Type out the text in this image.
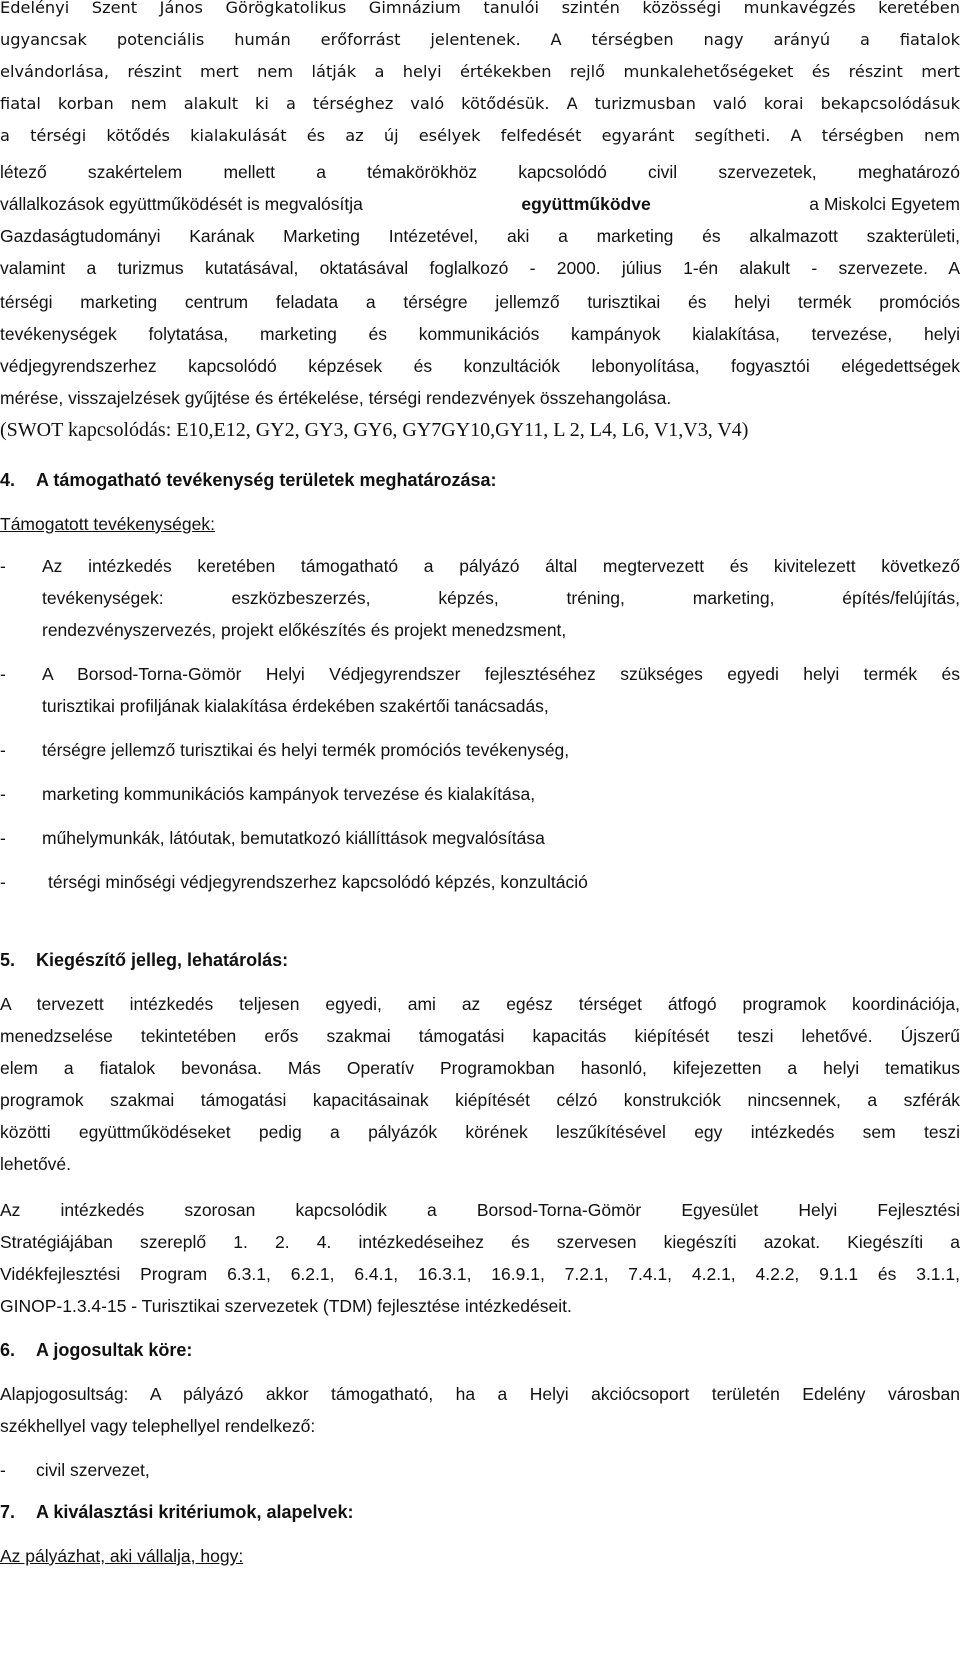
Edelényi Szent János Görögkatolikus Gimnázium tanulói szintén közösségi munkavégzés keretében
ugyancsak potenciális humán erőforrást jelentenek. A térségben nagy arányú a fiatalok
elvándorlása, részint mert nem látják a helyi értékekben rejlő munkalehetőségeket és részint mert
fiatal korban nem alakult ki a térséghez való kötődésük. A turizmusban való korai bekapcsolódásuk
a térségi kötődés kialakulását és az új esélyek felfedését egyaránt segítheti. A térségben nem
létező szakértelem mellett a témakörökhöz kapcsolódó civil szervezetek, meghatározó
vállalkozások együttműködését is megvalósítja	együttműködve	a Miskolci Egyetem
Gazdaságtudományi Karának Marketing Intézetével, aki a marketing és alkalmazott szakterületi,
valamint a turizmus kutatásával, oktatásával foglalkozó - 2000. július 1-én alakult - szervezete. A
térségi marketing centrum feladata a térségre jellemző turisztikai és helyi termék promóciós
tevékenységek folytatása, marketing és kommunikációs kampányok kialakítása, tervezése, helyi
védjegyrendszerhez kapcsolódó képzések és konzultációk lebonyolítása, fogyasztói elégedettségek
mérése, visszajelzések gyűjtése és értékelése, térségi rendezvények összehangolása.
(SWOT kapcsolódás: E10,E12, GY2, GY3, GY6, GY7GY10,GY11, L 2, L4, L6, V1,V3, V4)
4. A támogatható tevékenység területek meghatározása:
Támogatott tevékenységek:
- Az intézkedés keretében támogatható a pályázó által megtervezett és kivitelezett következő
tevékenységek: eszközbeszerzés, képzés, tréning, marketing, építés/felújítás,
rendezvényszervezés, projekt előkészítés és projekt menedzsment,
- A Borsod-Torna-Gömör Helyi Védjegyrendszer fejlesztéséhez szükséges egyedi helyi termék és
turisztikai profiljának kialakítása érdekében szakértői tanácsadás,
- térségre jellemző turisztikai és helyi termék promóciós tevékenység,
- marketing kommunikációs kampányok tervezése és kialakítása,
- műhelymunkák, látóutak, bemutatkozó kiállíttások megvalósítása
- térségi minőségi védjegyrendszerhez kapcsolódó képzés, konzultáció
5. Kiegészítő jelleg, lehatárolás:
A tervezett intézkedés teljesen egyedi, ami az egész térséget átfogó programok koordinációja,
menedzselése tekintetében erős szakmai támogatási kapacitás kiépítését teszi lehetővé. Újszerű
elem a fiatalok bevonása. Más Operatív Programokban hasonló, kifejezetten a helyi tematikus
programok szakmai támogatási kapacitásainak kiépítését célzó konstrukciók nincsennek, a szférák
közötti együttműködéseket pedig a pályázók körének leszűkítésével egy intézkedés sem teszi
lehetővé.
Az intézkedés szorosan kapcsolódik a Borsod-Torna-Gömör Egyesület Helyi Fejlesztési
Stratégiájában szereplő 1. 2. 4. intézkedéseihez és szervesen kiegészíti azokat. Kiegészíti a
Vidékfejlesztési Program 6.3.1, 6.2.1, 6.4.1, 16.3.1, 16.9.1, 7.2.1, 7.4.1, 4.2.1, 4.2.2, 9.1.1 és 3.1.1,
GINOP-1.3.4-15 - Turisztikai szervezetek (TDM) fejlesztése intézkedéseit.
6. A jogosultak köre:
Alapjogosultság: A pályázó akkor támogatható, ha a Helyi akciócsoport területén Edelény városban
székhellyel vagy telephellyel rendelkező:
- civil szervezet,
7. A kiválasztási kritériumok, alapelvek:
Az pályázhat, aki vállalja, hogy:
